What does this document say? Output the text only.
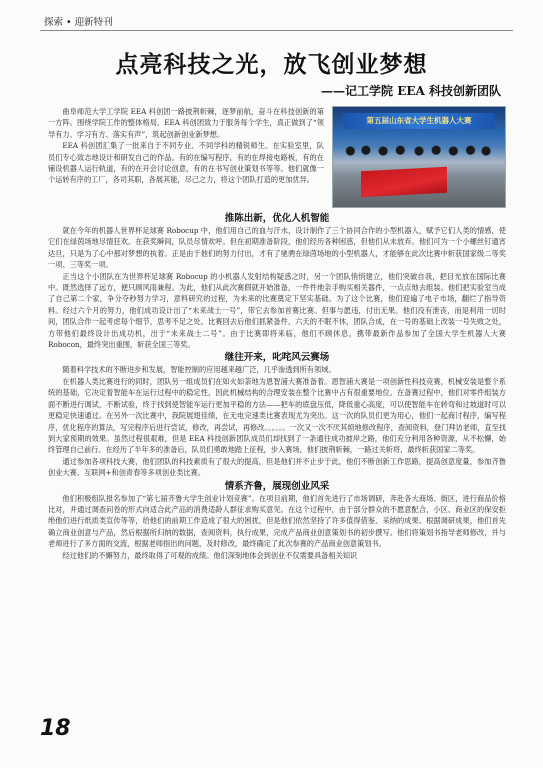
探索 • 迎新特刊
点亮科技之光，放飞创业梦想
——记工学院 EEA 科技创新团队
第五届山东省大学生机器人大赛

曲阜师范大学工学院 EEA 科创团一路披荆斩棘，逐梦前航，奋斗在科技创新的第一方阵。围绕学院工作的整体格局，EEA 科创团致力于服务每个学生，真正做到了“领导有力、学习有方、落实有声”，筑起创新创业新梦想。

EEA 科创团汇集了一批来自于不同专业、不同学科的精锐师生。在实验室里，队员们专心致志地设计和研发自己的作品。有的在编写程序，有的在焊接电路板，有的在铺设机器人运行轨道，有的在开会讨论创意，有的在书写创业策划书等等。他们就像一个运转有序的工厂，各司其职，各展其能，尽己之力，将这个团队打造的更加优异。

推陈出新，优化人机智能

就在今年的机器人世界杯足球赛 Robocup 中，他们用自己的血与汗水，设计制作了三个协同合作的小型机器人，赋予它们人类的情感，使它们在绿茵场地尽情狂欢。在获奖瞬间，队员尽情欢呼。但在初期准备阶段，他们经历各种困惑，但他们从未放弃。他们可为一个小螺丝钉通宵达旦，只是为了心中那对梦想的执着。正是由于他们的努力付出，才有了驰骋在绿茵场地的小型机器人，才能够在此次比赛中斩获国家级二等奖一项、三等奖一项。

正当这个小团队在为世界杯足球赛 Robocup 的小机器人发射结构疑惑之时，另一个团队悄悄建立，他们突破自我，把目光放在国际比赛中。既然选择了远方，便只顾风雨兼程。为此，他们从此次赛假就开始准备，一件件地亲手购买相关器件，一点点地去组装。他们把实验室当成了自己第二个家，争分夺秒努力学习，意料研究的过程，为未来的比赛奠定下坚实基础。为了这个比赛，他们迎遍了电子市场，翻烂了指导资料。经过六个月的努力，他们成功设计出了“未来战士一号”，带它去参加首赛比赛。但事与愿违，付出无果。他们没有泄丧，而是利用一切时间，团队合作一起考虑每个细节，思考不足之处。比赛回去后他们抓紧备件，六天的不眠不休，团队合成，在一号的基础上改装一号失败之处，方带他们最终设计出成功机，出于“未来战士二号”。由于比赛即将来临，他们不顾休息，携带最新作品参加了全国大学生机器人大赛 Robocon，最终突出重围，斩获全国三等奖。

继往开来，叱咤风云赛场

随着科学技术的不断进步和发展，智能控制的应用越来越广泛，几乎渗透到所有领域。

在机器人类比赛进行的同时，团队另一组成员们在如火如荼地为恩智浦大赛准备着。恩智浦大赛是一项创新性科技竞赛，机械安装是整个系统的基础，它决定着智能车在运行过程中的稳定性，因此机械结构的合理安装在整个比赛中占有很重要地位。在备赛过程中，他们对零件组装方面不断进行调试，不断试验，终于找到使智能车运行更加平稳的方法——把车的底盘压低，降低重心高度，可以使智能车在转弯和过坡道时可以更稳定快速通过。在另外一次比赛中，我院展翅佳绩，在无电完速类比赛表现尤为突出。这一次的队员们更为用心，他们一起商讨程序，编写程序，优化程序的算法，写完程序后进行尝试，修改，再尝试，再修改。。。。。。一次又一次不厌其烦地修改程序，查阅资料，登门拜访老师，直至找到大家预期的效果。虽然过程很艰难，但是 EEA 科技创新团队成员们却找到了一条通往成功披岸之路，他们充分利用各种资源，从不松懈，始终管理自己前行。在经历了半年多的准备后，队员们勇敢地踏上征程，步入赛场，他们披荆斩棘，一路过关斩将，最终斩获国家二等奖。

通过参加各项科技大赛，他们团队的科技素质有了很大的提高，但是他们并不止步于此，他们不断创新工作思路，提高创意度量，参加齐鲁创业大赛、互联网+和创青春等多项创业类比赛。

情系齐鲁，展现创业风采

他们积极组队报名参加了“第七届齐鲁大学生创业计划竞赛”。在项目前期，他们首先进行了市场调研，奔赴各大商场、街区，进行商品价格比对，并通过调查问卷的形式向适合此产品的消费适龄人群征求购买意见。在这个过程中，由于部分群众的不愿意配合，小区、商业区的保安拒绝他们进行纸质类宣传等等，给他们的前期工作造成了很大的困扰，但是他们依然坚持了许多值得借鉴、采纳的成果。根据调研成果，他们首先确立商业创意与产品，然后根据所归纳的数据，查阅资料，执行成果，完成产品商业创意策划书的初步撰写。他们将策划书指导老师修改，并与老师进行了多方面的交流，根据老师指出的问题，及时修改，最终确定了此次参赛的产品商业创意策划书。

经过他们的不懈努力，最终取得了可观的成绩。他们深刻地体会到创业不仅需要具备相关知识

18
